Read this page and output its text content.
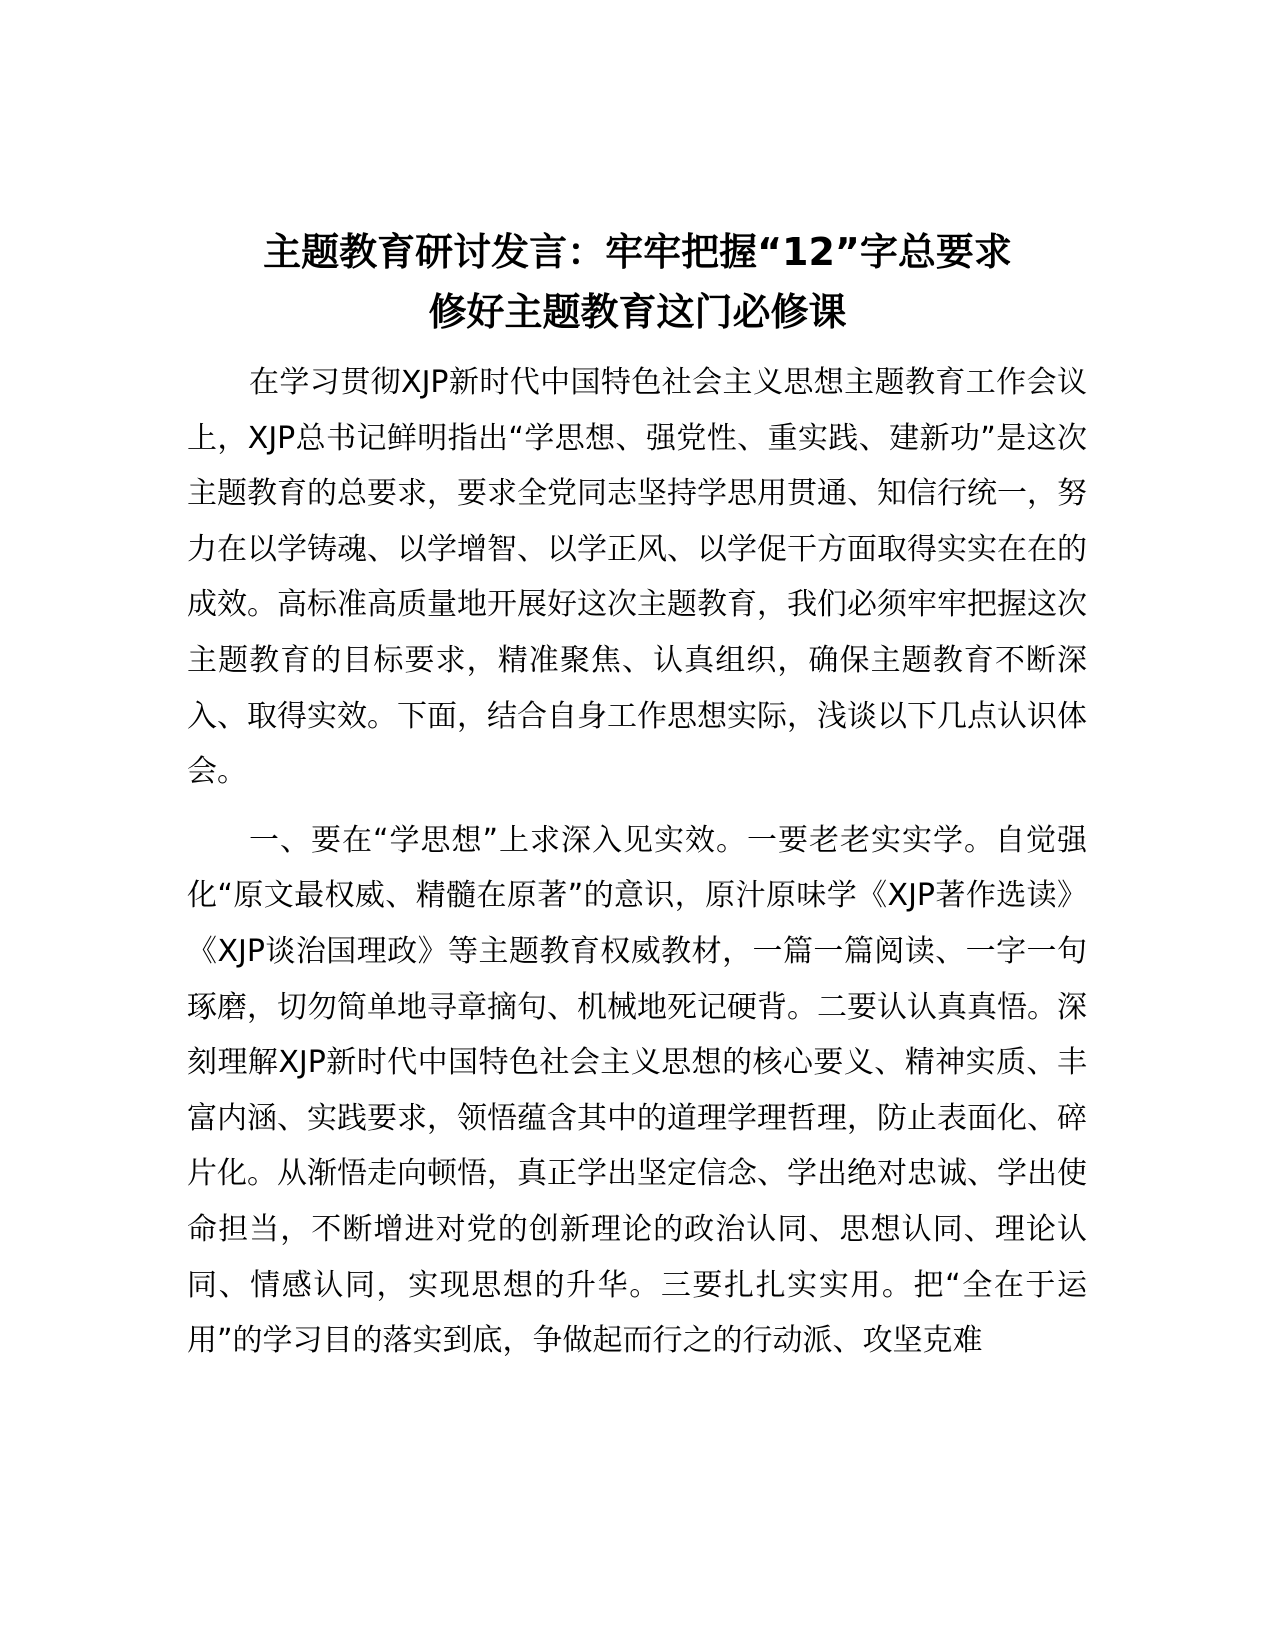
主题教育研讨发言：牢牢把握“12”字总要求
修好主题教育这门必修课

在学习贯彻XJP新时代中国特色社会主义思想主题教育工作会议上，XJP总书记鲜明指出“学思想、强党性、重实践、建新功”是这次主题教育的总要求，要求全党同志坚持学思用贯通、知信行统一，努力在以学铸魂、以学增智、以学正风、以学促干方面取得实实在在的成效。高标准高质量地开展好这次主题教育，我们必须牢牢把握这次主题教育的目标要求，精准聚焦、认真组织，确保主题教育不断深入、取得实效。下面，结合自身工作思想实际，浅谈以下几点认识体会。

一、要在“学思想”上求深入见实效。一要老老实实学。自觉强化“原文最权威、精髓在原著”的意识，原汁原味学《XJP著作选读》《XJP谈治国理政》等主题教育权威教材，一篇一篇阅读、一字一句琢磨，切勿简单地寻章摘句、机械地死记硬背。二要认认真真悟。深刻理解XJP新时代中国特色社会主义思想的核心要义、精神实质、丰富内涵、实践要求，领悟蕴含其中的道理学理哲理，防止表面化、碎片化。从渐悟走向顿悟，真正学出坚定信念、学出绝对忠诚、学出使命担当，不断增进对党的创新理论的政治认同、思想认同、理论认同、情感认同，实现思想的升华。三要扎扎实实用。把“全在于运用”的学习目的落实到底，争做起而行之的行动派、攻坚克难
